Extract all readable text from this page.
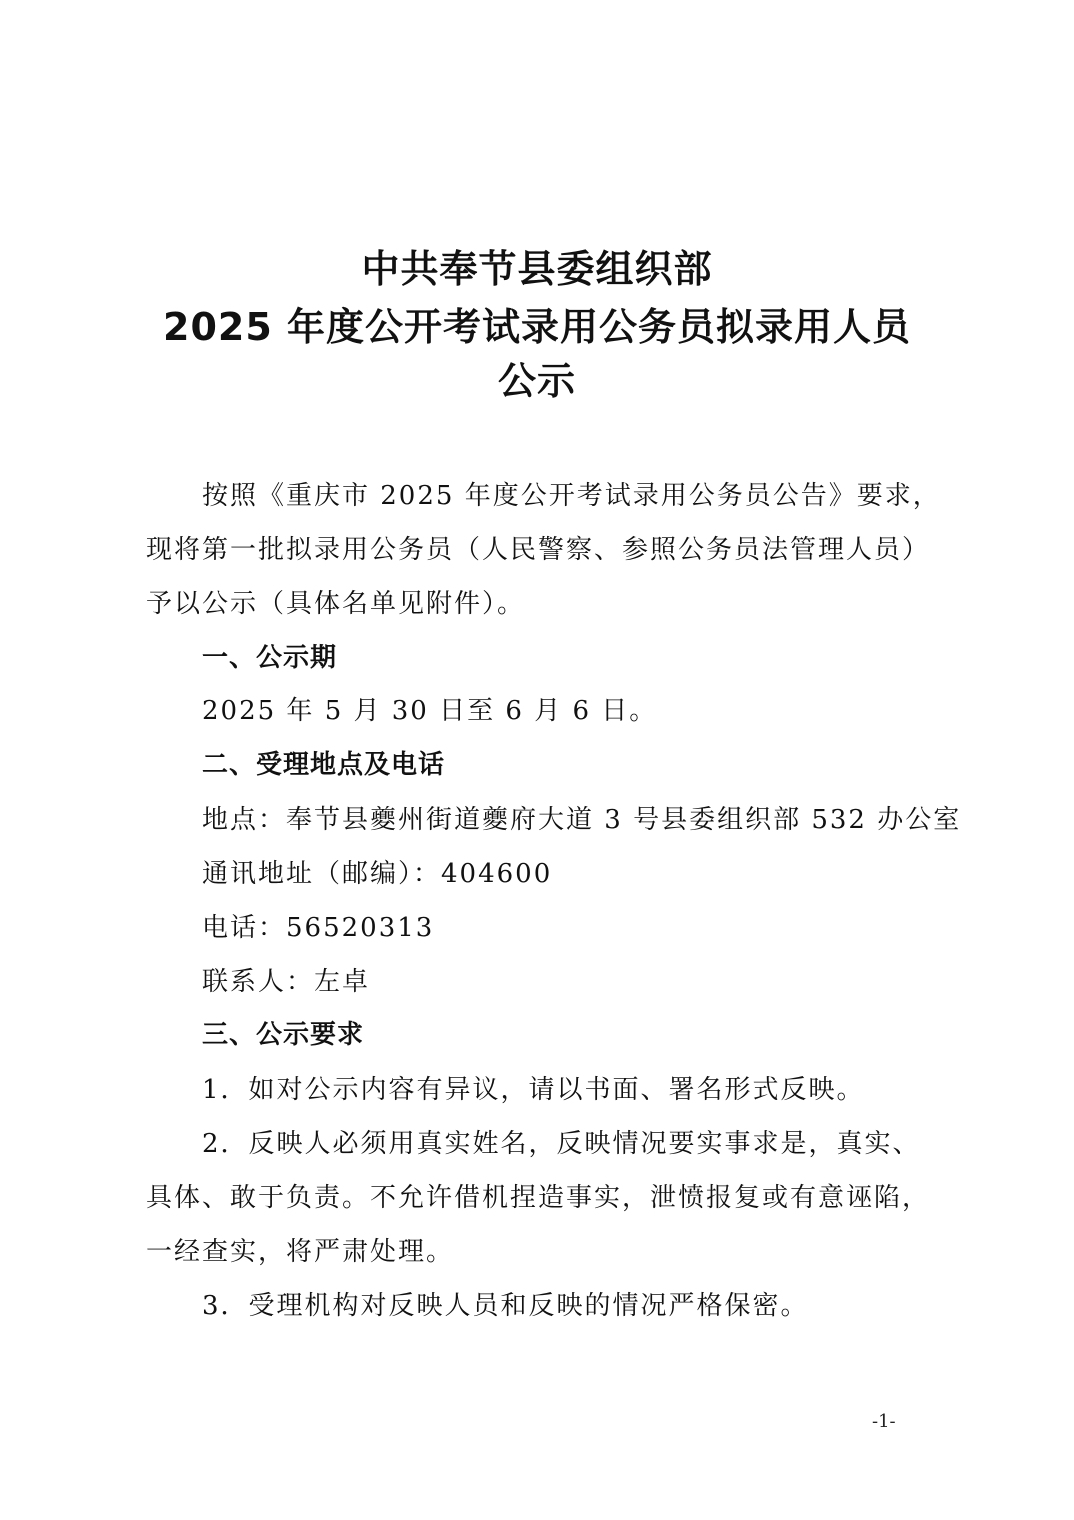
中共奉节县委组织部
2025 年度公开考试录用公务员拟录用人员
公示
按照《重庆市 2025 年度公开考试录用公务员公告》要求，
现将第一批拟录用公务员（人民警察、参照公务员法管理人员）
予以公示（具体名单见附件）。
一、公示期
2025 年 5 月 30 日至 6 月 6 日。
二、受理地点及电话
地点：奉节县夔州街道夔府大道 3 号县委组织部 532 办公室
通讯地址（邮编）：404600
电话：56520313
联系人：左卓
三、公示要求
1．如对公示内容有异议，请以书面、署名形式反映。
2．反映人必须用真实姓名，反映情况要实事求是，真实、
具体、敢于负责。不允许借机捏造事实，泄愤报复或有意诬陷，
一经查实，将严肃处理。
3．受理机构对反映人员和反映的情况严格保密。
-1-
